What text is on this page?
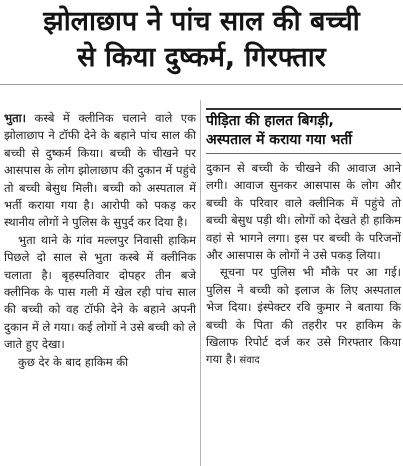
झोलाछाप ने पांच साल की बच्ची
से किया दुष्कर्म, गिरफ्तार

भुता। कस्बे में क्लीनिक चलाने वाले एक झोलाछाप ने टॉफी देने के बहाने पांच साल की बच्ची से दुष्कर्म किया। बच्ची के चीखने पर आसपास के लोग झोलाछाप की दुकान में पहुंचे तो बच्ची बेसुध मिली। बच्ची को अस्पताल में भर्ती कराया गया है। आरोपी को पकड़ कर स्थानीय लोगों ने पुलिस के सुपुर्द कर दिया है।

भुता थाने के गांव मल्लपुर निवासी हाकिम पिछले दो साल से भुता कस्बे में क्लीनिक चलाता है। बृहस्पतिवार दोपहर तीन बजे क्लीनिक के पास गली में खेल रही पांच साल की बच्ची को वह टॉफी देने के बहाने अपनी दुकान में ले गया। कई लोगों ने उसे बच्ची को ले जाते हुए देखा।

कुछ देर के बाद हाकिम की

पीड़िता की हालत बिगड़ी,
अस्पताल में कराया गया भर्ती

दुकान से बच्ची के चीखने की आवाज आने लगी। आवाज सुनकर आसपास के लोग और बच्ची के परिवार वाले क्लीनिक में पहुंचे तो बच्ची बेसुध पड़ी थी। लोगों को देखते ही हाकिम वहां से भागने लगा। इस पर बच्ची के परिजनों और आसपास के लोगों ने उसे पकड़ लिया।

सूचना पर पुलिस भी मौके पर आ गई। पुलिस ने बच्ची को इलाज के लिए अस्पताल भेज दिया। इंस्पेक्टर रवि कुमार ने बताया कि बच्ची के पिता की तहरीर पर हाकिम के खिलाफ रिपोर्ट दर्ज कर उसे गिरफ्तार किया गया है। संवाद
